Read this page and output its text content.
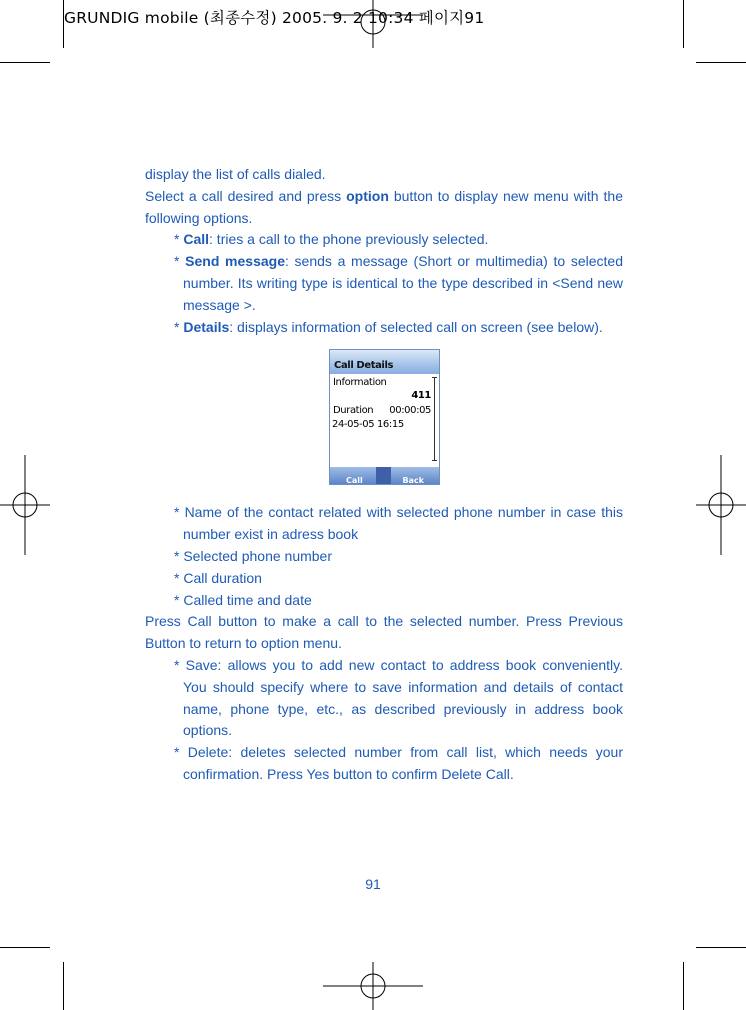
GRUNDIG mobile (최종수정) 2005. 9. 2 10:34 페이지91

display the list of calls dialed.

Select a call desired and press option button to display new menu with the following options.

* Call: tries a call to the phone previously selected.

* Send message: sends a message (Short or multimedia) to selected number. Its writing type is identical to the type described in <Send new message >.

* Details: displays information of selected call on screen (see below).

Call Details
Information
411
Duration 00:00:05
24-05-05 16:15
Call	Back

* Name of the contact related with selected phone number in case this number exist in adress book

* Selected phone number

* Call duration

* Called time and date

Press Call button to make a call to the selected number. Press Previous Button to return to option menu.

* Save: allows you to add new contact to address book conveniently. You should specify where to save information and details of contact name, phone type, etc., as described previously in address book options.

* Delete: deletes selected number from call list, which needs your confirmation. Press Yes button to confirm Delete Call.

91
